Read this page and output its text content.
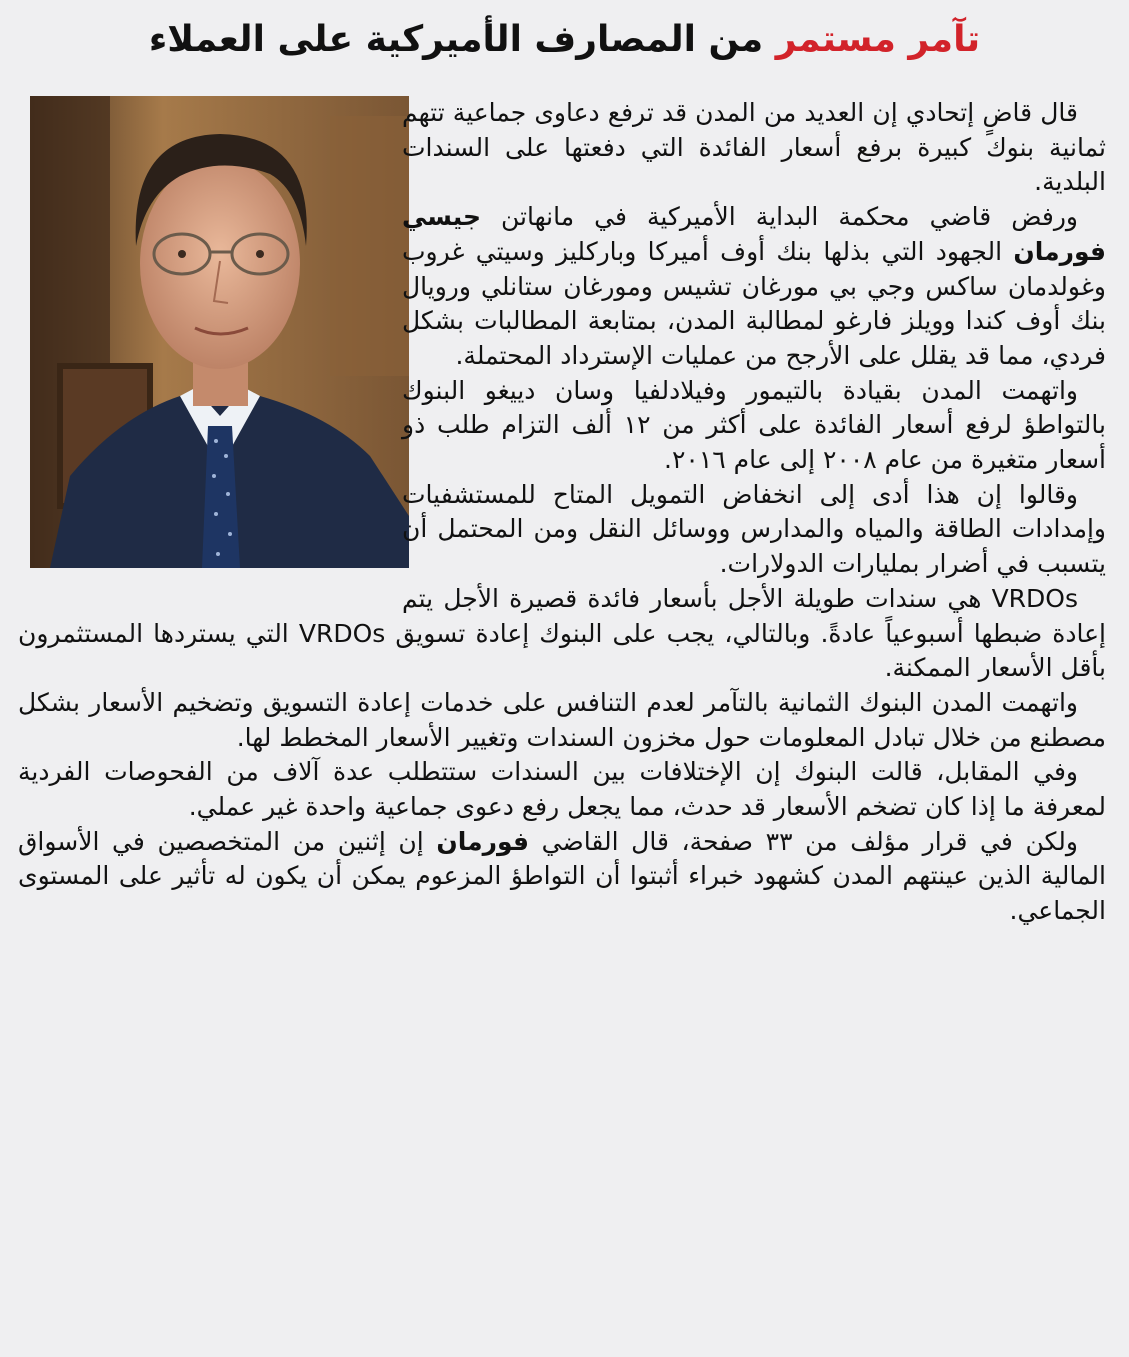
تآمر مستمر من المصارف الأميركية على العملاء

قال قاضٍ إتحادي إن العديد من المدن قد ترفع دعاوى جماعية تتهم ثمانية بنوك كبيرة برفع أسعار الفائدة التي دفعتها على السندات البلدية.

ورفض قاضي محكمة البداية الأميركية في مانهاتن جيسي فورمان الجهود التي بذلها بنك أوف أميركا وباركليز وسيتي غروب وغولدمان ساكس وجي بي مورغان تشيس ومورغان ستانلي ورويال بنك أوف كندا وويلز فارغو لمطالبة المدن، بمتابعة المطالبات بشكل فردي، مما قد يقلل على الأرجح من عمليات الإسترداد المحتملة.

واتهمت المدن بقيادة بالتيمور وفيلادلفيا وسان دييغو البنوك بالتواطؤ لرفع أسعار الفائدة على أكثر من ١٢ ألف التزام طلب ذو أسعار متغيرة من عام ٢٠٠٨ إلى عام ٢٠١٦.

وقالوا إن هذا أدى إلى انخفاض التمويل المتاح للمستشفيات وإمدادات الطاقة والمياه والمدارس ووسائل النقل ومن المحتمل أن يتسبب في أضرار بمليارات الدولارات.

VRDOs هي سندات طويلة الأجل بأسعار فائدة قصيرة الأجل يتم إعادة ضبطها أسبوعياً عادةً. وبالتالي، يجب على البنوك إعادة تسويق VRDOs التي يستردها المستثمرون بأقل الأسعار الممكنة.

واتهمت المدن البنوك الثمانية بالتآمر لعدم التنافس على خدمات إعادة التسويق وتضخيم الأسعار بشكل مصطنع من خلال تبادل المعلومات حول مخزون السندات وتغيير الأسعار المخطط لها.

وفي المقابل، قالت البنوك إن الإختلافات بين السندات ستتطلب عدة آلاف من الفحوصات الفردية لمعرفة ما إذا كان تضخم الأسعار قد حدث، مما يجعل رفع دعوى جماعية واحدة غير عملي.

ولكن في قرار مؤلف من ٣٣ صفحة، قال القاضي فورمان إن إثنين من المتخصصين في الأسواق المالية الذين عينتهم المدن كشهود خبراء أثبتوا أن التواطؤ المزعوم يمكن أن يكون له تأثير على المستوى الجماعي.
